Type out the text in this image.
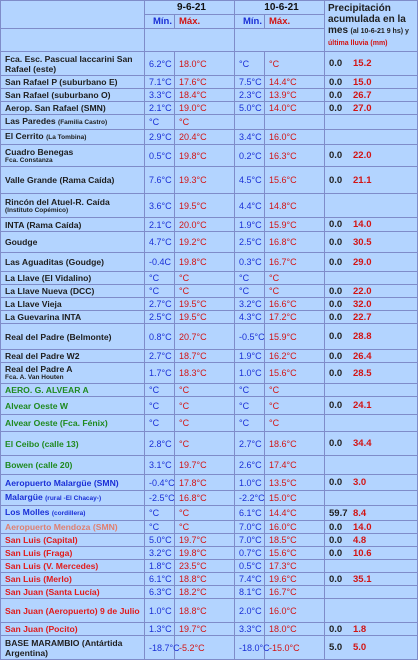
	9-6-21		10-6-21		Precipitación
acumulada en la
mes (al 10-6-21 9 hs) y
última lluvia (mm)
	Mín.	Máx.	Mín.	Máx.	

Fca. Esc. Pascual Iaccarini San Rafael (este)	6.2°C	18.0°C	°C	°C	0.0 15.2
San Rafael P (suburbano E)	7.1°C	17.6°C	7.5°C	14.4°C	0.0 15.0
San Rafael (suburbano O)	3.3°C	18.4°C	2.3°C	13.9°C	0.0 26.7
Aerop. San Rafael (SMN)	2.1°C	19.0°C	5.0°C	14.0°C	0.0 27.0
Las Paredes (Familia Castro)	°C	°C			
El Cerrito (La Tombina)	2.9°C	20.4°C	3.4°C	16.0°C	
Cuadro Benegas
Fca. Constanza	0.5°C	19.8°C	0.2°C	16.3°C	0.0 22.0
Valle Grande (Rama Caída)	7.6°C	19.3°C	4.5°C	15.6°C	0.0 21.1
Rincón del Atuel-R. Caída
(Instituto Copémico)	3.6°C	19.5°C	4.4°C	14.8°C	
INTA (Rama Caída)	2.1°C	20.0°C	1.9°C	15.9°C	0.0 14.0
Goudge	4.7°C	19.2°C	2.5°C	16.8°C	0.0 30.5
Las Aguaditas (Goudge)	-0.4C	19.8°C	0.3°C	16.7°C	0.0 29.0
La Llave (El Vidalino)	°C	°C	°C	°C	
La Llave Nueva (DCC)	°C	°C	°C	°C	0.0 22.0
La Llave Vieja	2.7°C	19.5°C	3.2°C	16.6°C	0.0 32.0
La Guevarina INTA	2.5°C	19.5°C	4.3°C	17.2°C	0.0 22.7
Real del Padre (Belmonte)	0.8°C	20.7°C	-0.5°C	15.9°C	0.0 28.8
Real del Padre W2	2.7°C	18.7°C	1.9°C	16.2°C	0.0 26.4
Real del Padre A
Fca. A. Van Houten	1.7°C	18.3°C	1.0°C	15.6°C	0.0 28.5
AERO. G. ALVEAR A	°C	°C	°C	°C	
Alvear Oeste W	°C	°C	°C	°C	0.0 24.1
Alvear Oeste (Fca. Fénix)	°C	°C	°C	°C	
El Ceibo (calle 13)	2.8°C	°C	2.7°C	18.6°C	0.0 34.4
Bowen (calle 20)	3.1°C	19.7°C	2.6°C	17.4°C	
Aeropuerto Malargüe (SMN)	-0.4°C	17.8°C	1.0°C	13.5°C	0.0 3.0
Malargüe (rural -El Chacay-)	-2.5°C	16.8°C	-2.2°C	15.0°C	
Los Molles (cordillera)	°C	°C	6.1°C	14.4°C	59.7 8.4
Aeropuerto Mendoza (SMN)	°C	°C	7.0°C	16.0°C	0.0 14.0
San Luis (Capital)	5.0°C	19.7°C	7.0°C	18.5°C	0.0 4.8
San Luis (Fraga)	3.2°C	19.8°C	0.7°C	15.6°C	0.0 10.6
San Luis (V. Mercedes)	1.8°C	23.5°C	0.5°C	17.3°C	
San Luis (Merlo)	6.1°C	18.8°C	7.4°C	19.6°C	0.0 35.1
San Juan (Santa Lucía)	6.3°C	18.2°C	8.1°C	16.7°C	
San Juan (Aeropuerto) 9 de Julio	1.0°C	18.8°C	2.0°C	16.0°C	
San Juan (Pocito)	1.3°C	19.7°C	3.3°C	18.0°C	0.0 1.8
BASE MARAMBIO (Antártida Argentina)	-18.7°C	-5.2°C	-18.0°C	-15.0°C	5.0 5.0
